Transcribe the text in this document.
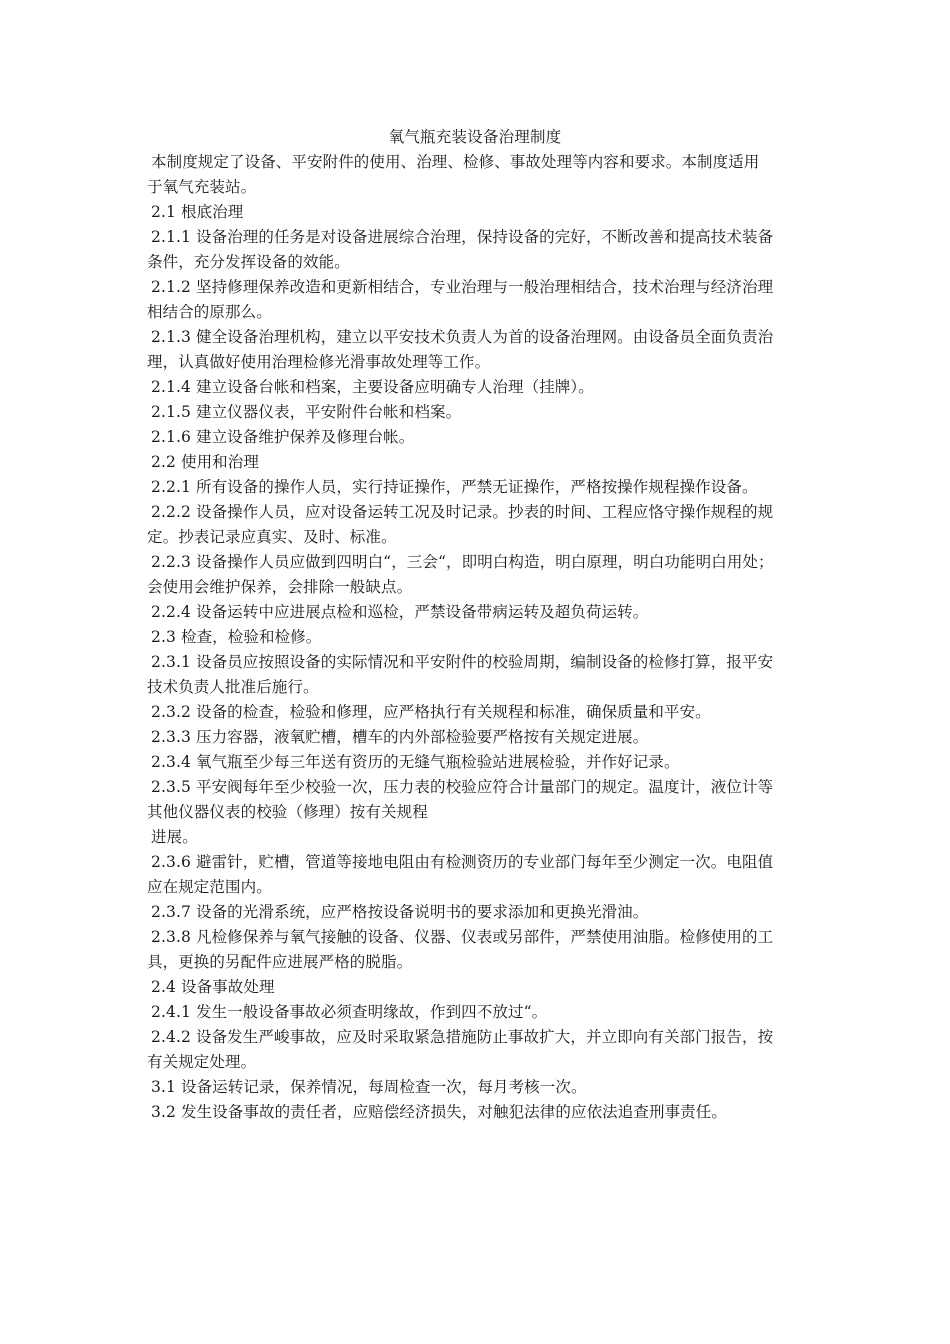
氧气瓶充装设备治理制度
本制度规定了设备、平安附件的使用、治理、检修、事故处理等内容和要求。本制度适用
于氧气充装站。
2.1 根底治理
2.1.1 设备治理的任务是对设备进展综合治理，保持设备的完好，不断改善和提高技术装备
条件，充分发挥设备的效能。
2.1.2 坚持修理保养改造和更新相结合，专业治理与一般治理相结合，技术治理与经济治理
相结合的原那么。
2.1.3 健全设备治理机构，建立以平安技术负责人为首的设备治理网。由设备员全面负责治
理，认真做好使用治理检修光滑事故处理等工作。
2.1.4 建立设备台帐和档案，主要设备应明确专人治理（挂牌）。
2.1.5 建立仪器仪表，平安附件台帐和档案。
2.1.6 建立设备维护保养及修理台帐。
2.2 使用和治理
2.2.1 所有设备的操作人员，实行持证操作，严禁无证操作，严格按操作规程操作设备。
2.2.2 设备操作人员，应对设备运转工况及时记录。抄表的时间、工程应恪守操作规程的规
定。抄表记录应真实、及时、标准。
2.2.3 设备操作人员应做到四明白“，三会“，即明白构造，明白原理，明白功能明白用处；
会使用会维护保养，会排除一般缺点。
2.2.4 设备运转中应进展点检和巡检，严禁设备带病运转及超负荷运转。
2.3 检查，检验和检修。
2.3.1 设备员应按照设备的实际情况和平安附件的校验周期，编制设备的检修打算，报平安
技术负责人批准后施行。
2.3.2 设备的检查，检验和修理，应严格执行有关规程和标准，确保质量和平安。
2.3.3 压力容器，液氧贮槽，槽车的内外部检验要严格按有关规定进展。
2.3.4 氧气瓶至少每三年送有资历的无缝气瓶检验站进展检验，并作好记录。
2.3.5 平安阀每年至少校验一次，压力表的校验应符合计量部门的规定。温度计，液位计等
其他仪器仪表的校验（修理）按有关规程
进展。
2.3.6 避雷针，贮槽，管道等接地电阻由有检测资历的专业部门每年至少测定一次。电阻值
应在规定范围内。
2.3.7 设备的光滑系统，应严格按设备说明书的要求添加和更换光滑油。
2.3.8 凡检修保养与氧气接触的设备、仪器、仪表或另部件，严禁使用油脂。检修使用的工
具，更换的另配件应进展严格的脱脂。
2.4 设备事故处理
2.4.1 发生一般设备事故必须查明缘故，作到四不放过“。
2.4.2 设备发生严峻事故，应及时采取紧急措施防止事故扩大，并立即向有关部门报告，按
有关规定处理。
3.1 设备运转记录，保养情况，每周检查一次，每月考核一次。
3.2 发生设备事故的责任者，应赔偿经济损失，对触犯法律的应依法追查刑事责任。
